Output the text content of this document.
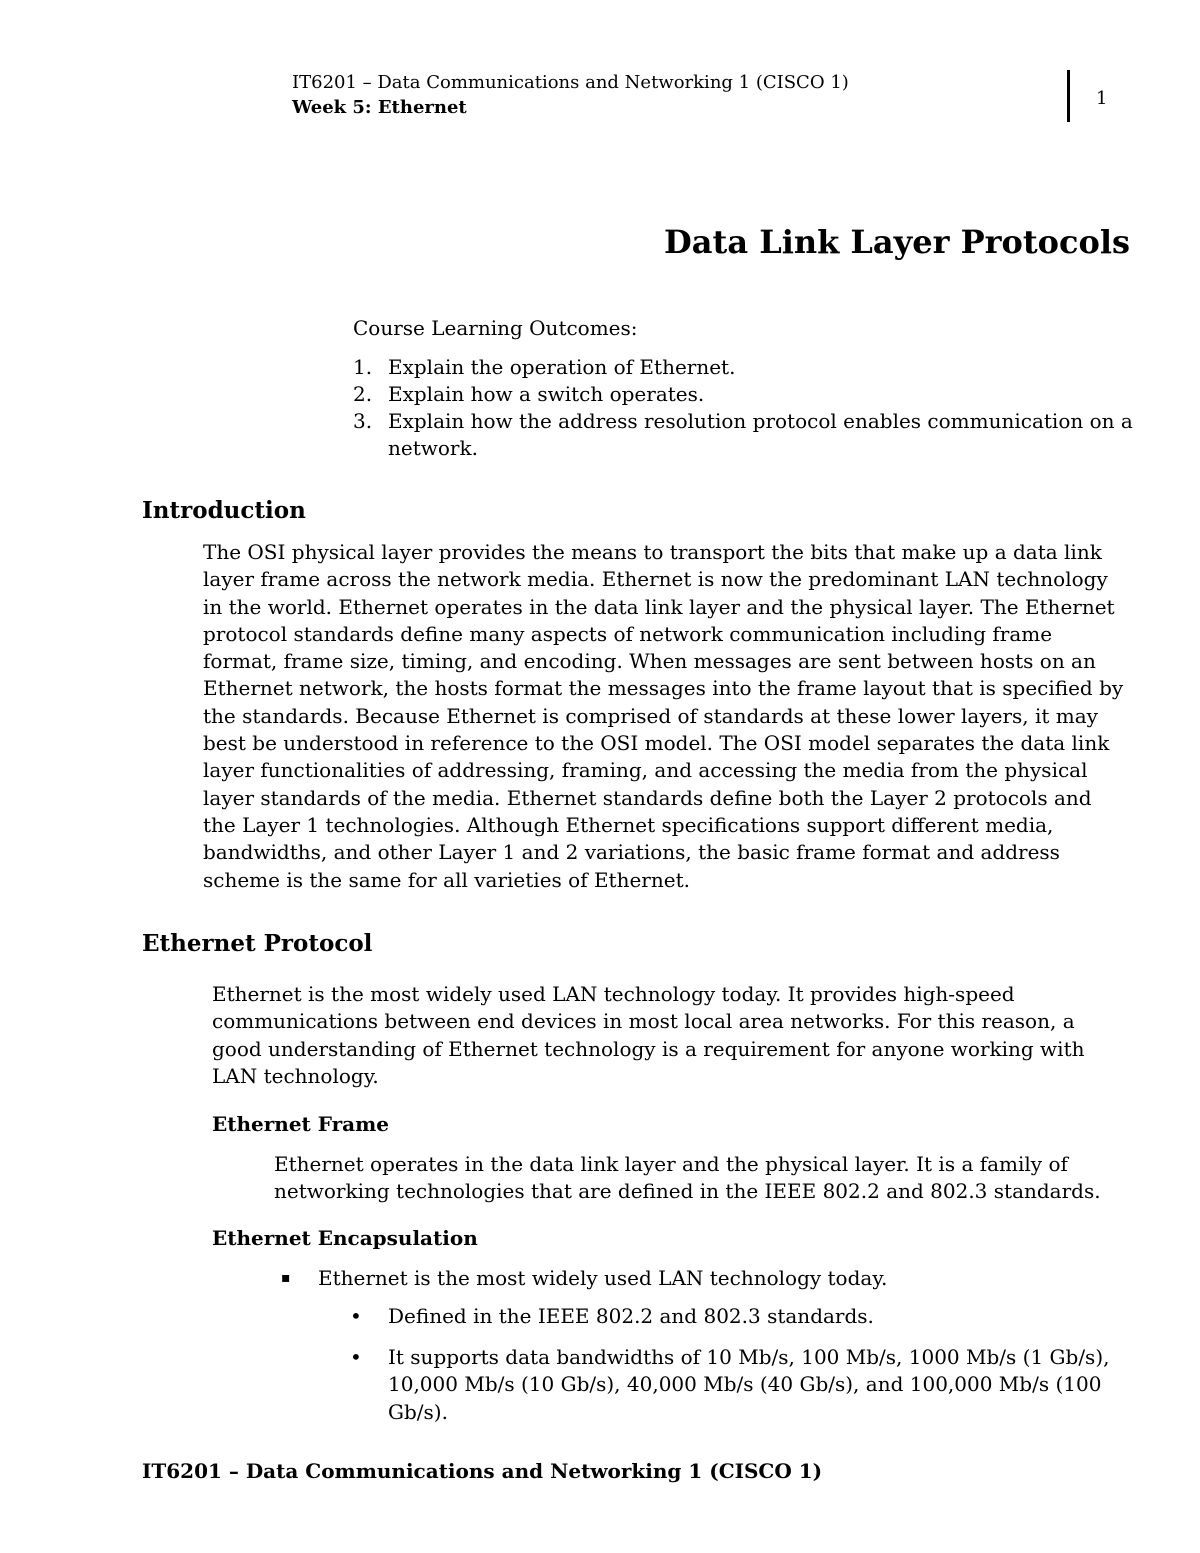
IT6201 – Data Communications and Networking 1 (CISCO 1)
Week 5: Ethernet	1
Data Link Layer Protocols
Course Learning Outcomes:
1. Explain the operation of Ethernet.
2. Explain how a switch operates.
3. Explain how the address resolution protocol enables communication on a network.
Introduction
The OSI physical layer provides the means to transport the bits that make up a data link layer frame across the network media. Ethernet is now the predominant LAN technology in the world. Ethernet operates in the data link layer and the physical layer. The Ethernet protocol standards define many aspects of network communication including frame format, frame size, timing, and encoding. When messages are sent between hosts on an Ethernet network, the hosts format the messages into the frame layout that is specified by the standards. Because Ethernet is comprised of standards at these lower layers, it may best be understood in reference to the OSI model. The OSI model separates the data link layer functionalities of addressing, framing, and accessing the media from the physical layer standards of the media. Ethernet standards define both the Layer 2 protocols and the Layer 1 technologies. Although Ethernet specifications support different media, bandwidths, and other Layer 1 and 2 variations, the basic frame format and address scheme is the same for all varieties of Ethernet.
Ethernet Protocol
Ethernet is the most widely used LAN technology today. It provides high-speed communications between end devices in most local area networks. For this reason, a good understanding of Ethernet technology is a requirement for anyone working with LAN technology.
Ethernet Frame
Ethernet operates in the data link layer and the physical layer. It is a family of networking technologies that are defined in the IEEE 802.2 and 802.3 standards.
Ethernet Encapsulation
▪	Ethernet is the most widely used LAN technology today.
•	Defined in the IEEE 802.2 and 802.3 standards.
•	It supports data bandwidths of 10 Mb/s, 100 Mb/s, 1000 Mb/s (1 Gb/s), 10,000 Mb/s (10 Gb/s), 40,000 Mb/s (40 Gb/s), and 100,000 Mb/s (100 Gb/s).
IT6201 – Data Communications and Networking 1 (CISCO 1)
